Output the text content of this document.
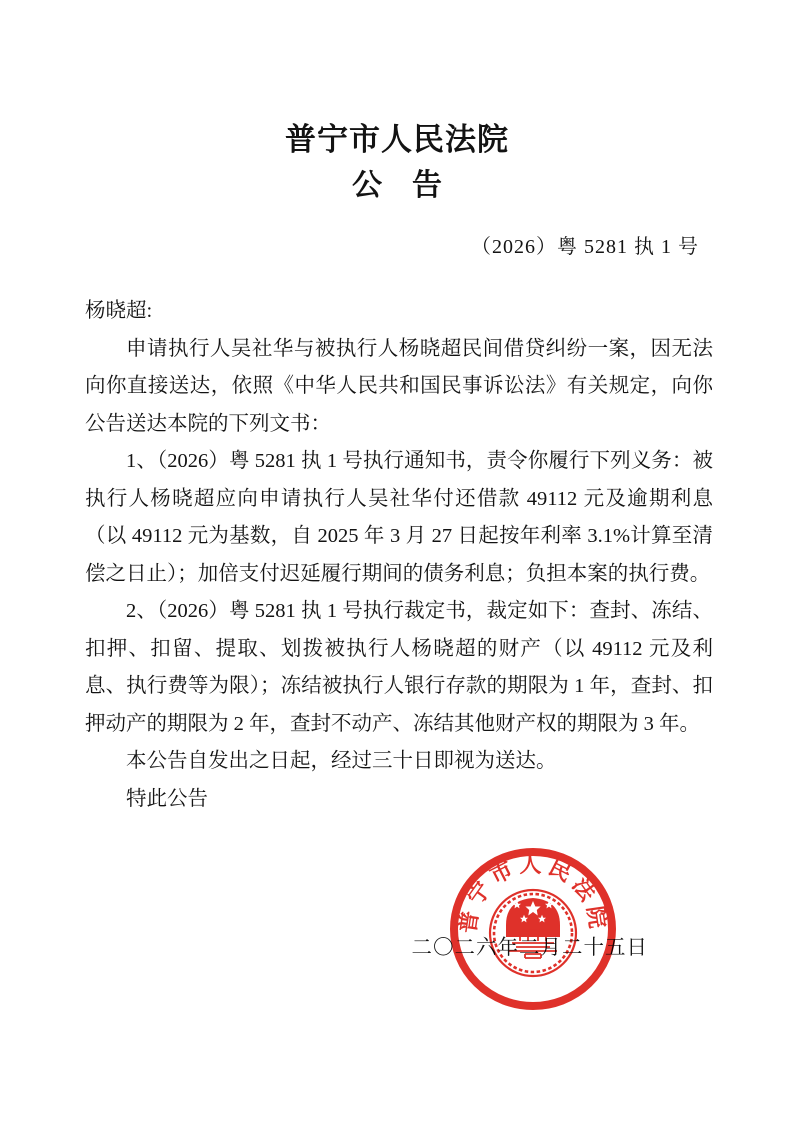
普宁市人民法院
公　告
（2026）粤 5281 执 1 号

杨晓超:

申请执行人吴社华与被执行人杨晓超民间借贷纠纷一案，因无法向你直接送达，依照《中华人民共和国民事诉讼法》有关规定，向你公告送达本院的下列文书：

1、（2026）粤 5281 执 1 号执行通知书，责令你履行下列义务：被执行人杨晓超应向申请执行人吴社华付还借款 49112 元及逾期利息（以 49112 元为基数，自 2025 年 3 月 27 日起按年利率 3.1%计算至清偿之日止）；加倍支付迟延履行期间的债务利息；负担本案的执行费。

2、（2026）粤 5281 执 1 号执行裁定书，裁定如下：查封、冻结、扣押、扣留、提取、划拨被执行人杨晓超的财产（以 49112 元及利息、执行费等为限）；冻结被执行人银行存款的期限为 1 年，查封、扣押动产的期限为 2 年，查封不动产、冻结其他财产权的期限为 3 年。

本公告自发出之日起，经过三十日即视为送达。

特此公告

二〇二六年二月二十五日
普宁市人民法院
